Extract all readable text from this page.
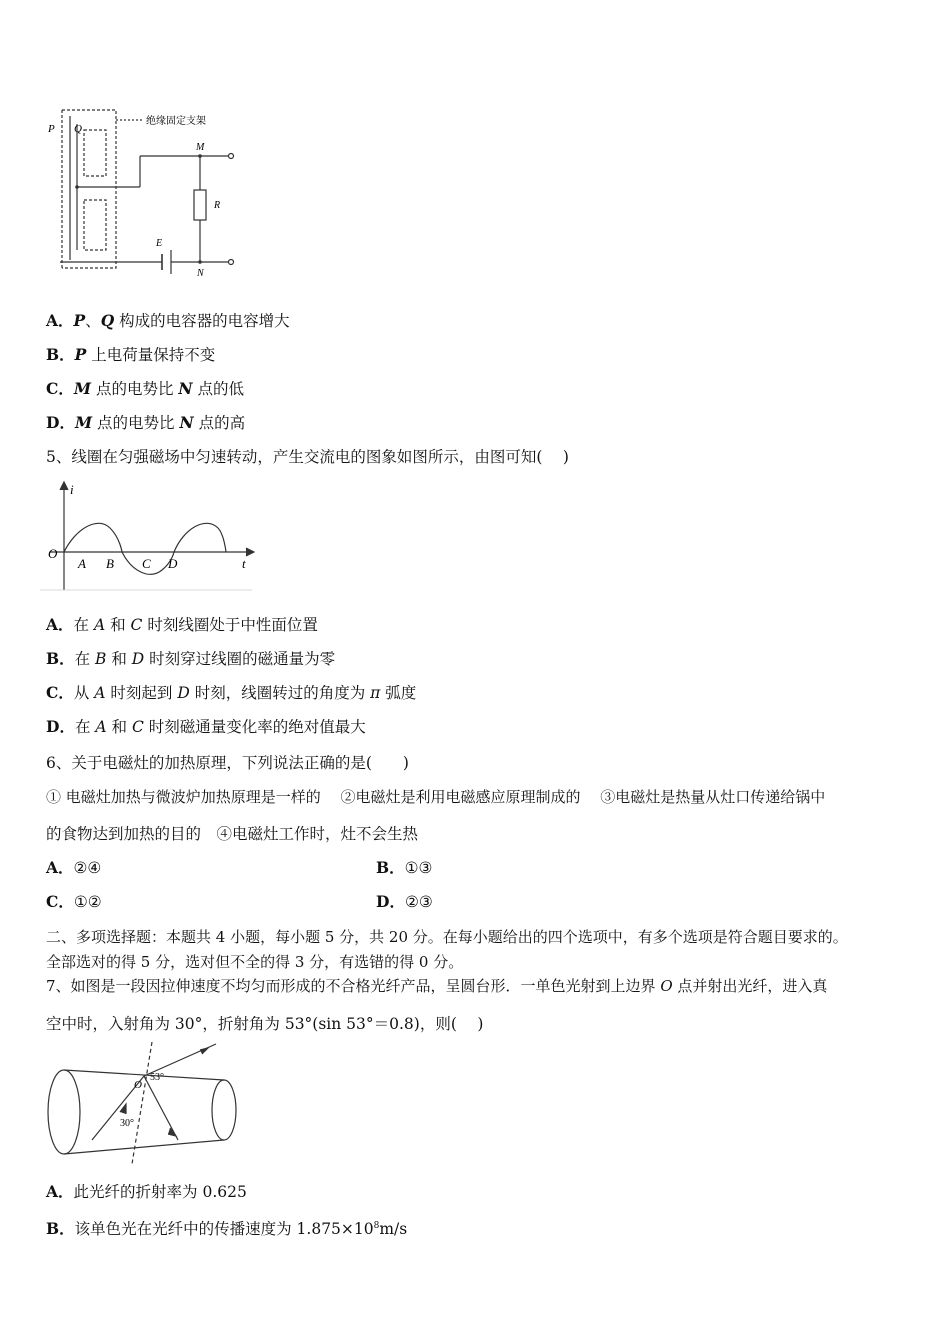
P Q
M
R
E
N
绝缘固定支架
A．P、Q 构成的电容器的电容增大
B．P 上电荷量保持不变
C．M 点的电势比 N 点的低
D．M 点的电势比 N 点的高
5、线圈在匀强磁场中匀速转动，产生交流电的图象如图所示，由图可知(　 )
i
O
t
A B C D
A．在 A 和 C 时刻线圈处于中性面位置
B．在 B 和 D 时刻穿过线圈的磁通量为零
C．从 A 时刻起到 D 时刻，线圈转过的角度为 π 弧度
D．在 A 和 C 时刻磁通量变化率的绝对值最大
6、关于电磁灶的加热原理，下列说法正确的是(　　)
① 电磁灶加热与微波炉加热原理是一样的　 ②电磁灶是利用电磁感应原理制成的　 ③电磁灶是热量从灶口传递给锅中
的食物达到加热的目的　④电磁灶工作时，灶不会生热
A．②④	B．①③
C．①②	D．②③
二、多项选择题：本题共 4 小题，每小题 5 分，共 20 分。在每小题给出的四个选项中，有多个选项是符合题目要求的。
全部选对的得 5 分，选对但不全的得 3 分，有选错的得 0 分。
7、如图是一段因拉伸速度不均匀而形成的不合格光纤产品，呈圆台形．一单色光射到上边界 O 点并射出光纤，进入真
空中时，入射角为 30°，折射角为 53°(sin 53°＝0.8)，则(　 )
O
53°
30°
A．此光纤的折射率为 0.625
B．该单色光在光纤中的传播速度为 $1.875\times 10^8m/s$
